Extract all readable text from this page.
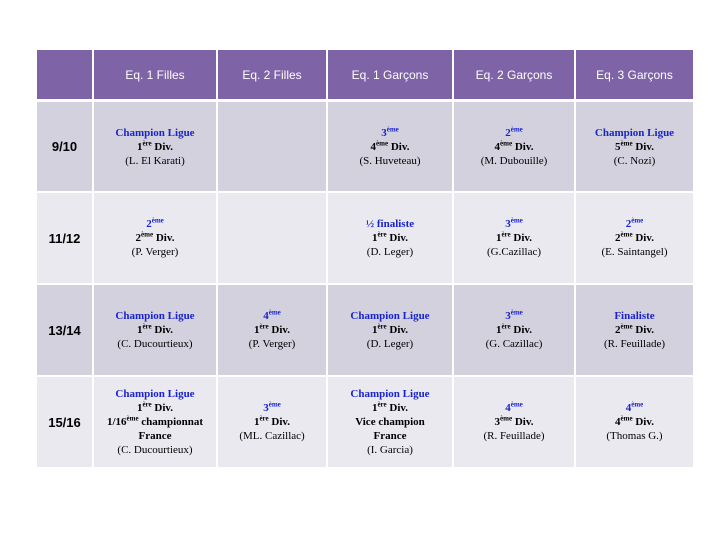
	Eq. 1 Filles	Eq. 2 Filles	Eq. 1 Garçons	Eq. 2 Garçons	Eq. 3 Garçons
9/10	Champion Ligue
1ère Div.
(L. El Karati)		3ème
4ème Div.
(S. Huveteau)	2ème
4ème Div.
(M. Dubouille)	Champion Ligue
5ème Div.
(C. Nozi)

11/12	2ème
2ème Div.
(P. Verger)		½ finaliste
1ère Div.
(D. Leger)	3ème
1ère Div.
(G.Cazillac)	2ème
2ème Div.
(E. Saintangel)

13/14	Champion Ligue
1ère Div.
(C. Ducourtieux)	4ème
1ère Div.
(P. Verger)	Champion Ligue
1ère Div.
(D. Leger)	3ème
1ère Div.
(G. Cazillac)	Finaliste
2ème Div.
(R. Feuillade)

15/16	Champion Ligue
1ère Div.
1/16ème championnat
France
(C. Ducourtieux)	3ème
1ère Div.
(ML. Cazillac)	Champion Ligue
1ère Div.
Vice champion
France
(I. Garcia)	4ème
3ème Div.
(R. Feuillade)	4ème
4ème Div.
(Thomas G.)
